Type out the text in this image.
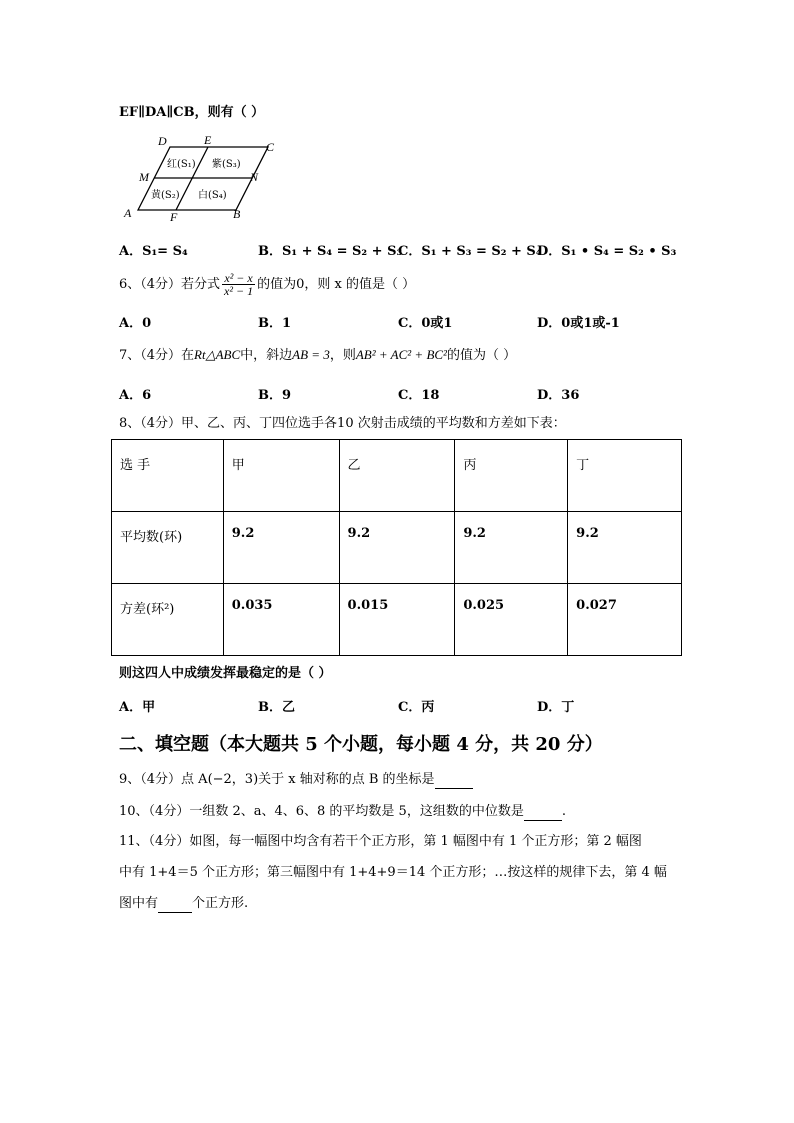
EF∥DA∥CB，则有（ ）
D	E	C
M	N
A	F	B
红(S₁) 紫(S₃)
黄(S₂) 白(S₄)
A．S₁= S₄	B．S₁ + S₄ = S₂ + S₃
C．S₁ + S₃ = S₂ + S₄
D．S₁ • S₄ = S₂ • S₃
6、（4分）若分式 $\frac{\text{x² − x}}{\text{x² − 1}}$ 的值为0，则 x 的值是（ ）
A．0	B．1	C．0或1	D．0或1或-1
7、（4分）在Rt△ABC中，斜边AB = 3，则AB² + AC² + BC²的值为（ ）
A．6	B．9	C．18	D．36
8、（4分）甲、乙、丙、丁四位选手各10 次射击成绩的平均数和方差如下表：
选 手	甲	乙	丙	丁
平均数(环)	9.2	9.2	9.2	9.2
方差(环²)	0.035	0.015	0.025	0.027
则这四人中成绩发挥最稳定的是（ ）
A．甲	B．乙	C．丙	D．丁
二、填空题（本大题共 5 个小题，每小题 4 分，共 20 分）
9、（4分）点 A(−2，3)关于 x 轴对称的点 B 的坐标是
10、（4分）一组数 2、a、4、6、8 的平均数是 5，这组数的中位数是	.
11、（4分）如图，每一幅图中均含有若干个正方形，第 1 幅图中有 1 个正方形；第 2 幅图
中有 1+4＝5 个正方形；第三幅图中有 1+4+9＝14 个正方形；…按这样的规律下去，第 4 幅
图中有	个正方形.
